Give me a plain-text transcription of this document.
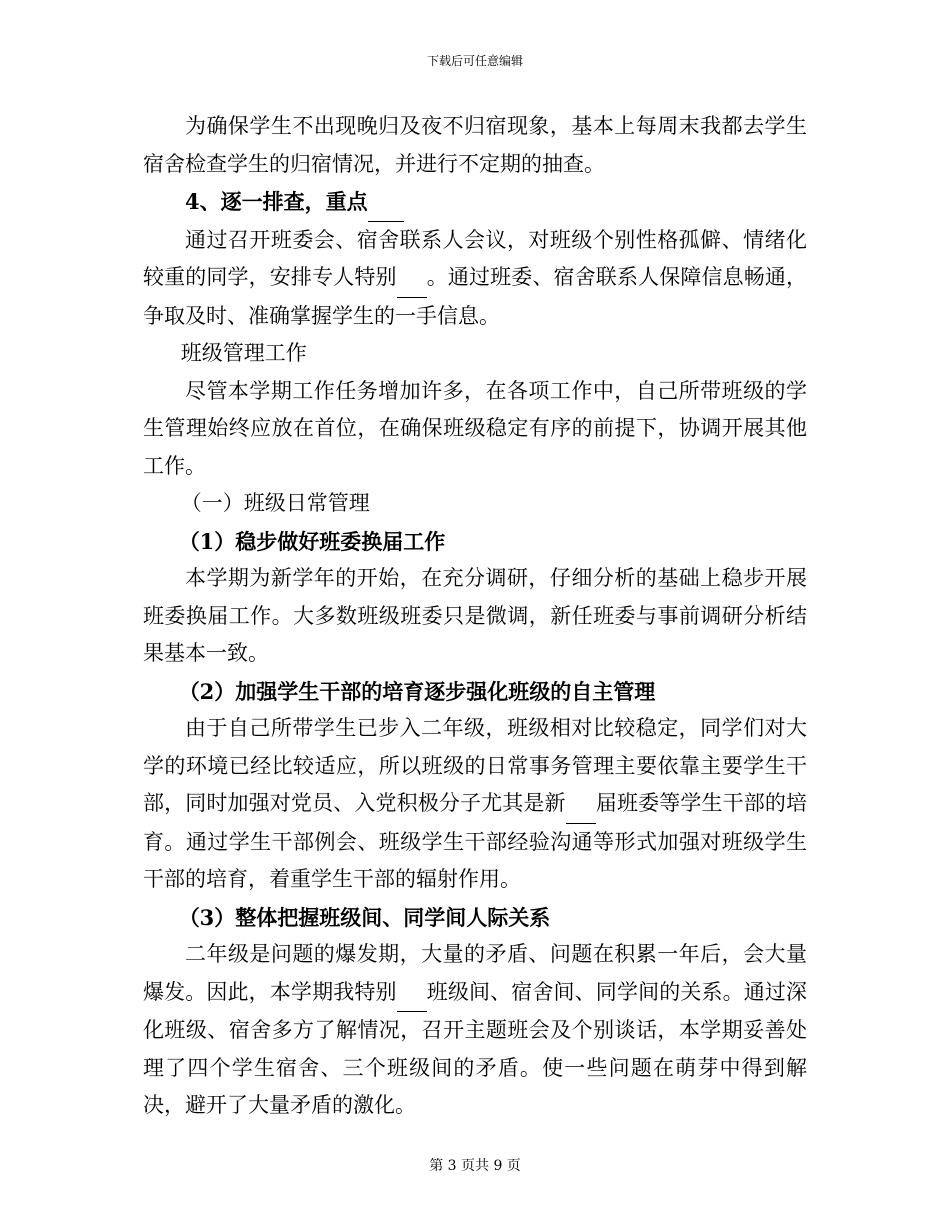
下载后可任意编辑

为确保学生不出现晚归及夜不归宿现象，基本上每周末我都去学生宿舍检查学生的归宿情况，并进行不定期的抽查。

4、逐一排查，重点

通过召开班委会、宿舍联系人会议，对班级个别性格孤僻、情绪化较重的同学，安排专人特别 。通过班委、宿舍联系人保障信息畅通，争取及时、准确掌握学生的一手信息。

班级管理工作

尽管本学期工作任务增加许多，在各项工作中，自己所带班级的学生管理始终应放在首位，在确保班级稳定有序的前提下，协调开展其他工作。

（一）班级日常管理

（1）稳步做好班委换届工作

本学期为新学年的开始，在充分调研，仔细分析的基础上稳步开展班委换届工作。大多数班级班委只是微调，新任班委与事前调研分析结果基本一致。

（2）加强学生干部的培育逐步强化班级的自主管理

由于自己所带学生已步入二年级，班级相对比较稳定，同学们对大学的环境已经比较适应，所以班级的日常事务管理主要依靠主要学生干部，同时加强对党员、入党积极分子尤其是新 届班委等学生干部的培育。通过学生干部例会、班级学生干部经验沟通等形式加强对班级学生干部的培育，着重学生干部的辐射作用。

（3）整体把握班级间、同学间人际关系

二年级是问题的爆发期，大量的矛盾、问题在积累一年后，会大量爆发。因此，本学期我特别 班级间、宿舍间、同学间的关系。通过深化班级、宿舍多方了解情况，召开主题班会及个别谈话，本学期妥善处理了四个学生宿舍、三个班级间的矛盾。使一些问题在萌芽中得到解决，避开了大量矛盾的激化。

第 3 页共 9 页
